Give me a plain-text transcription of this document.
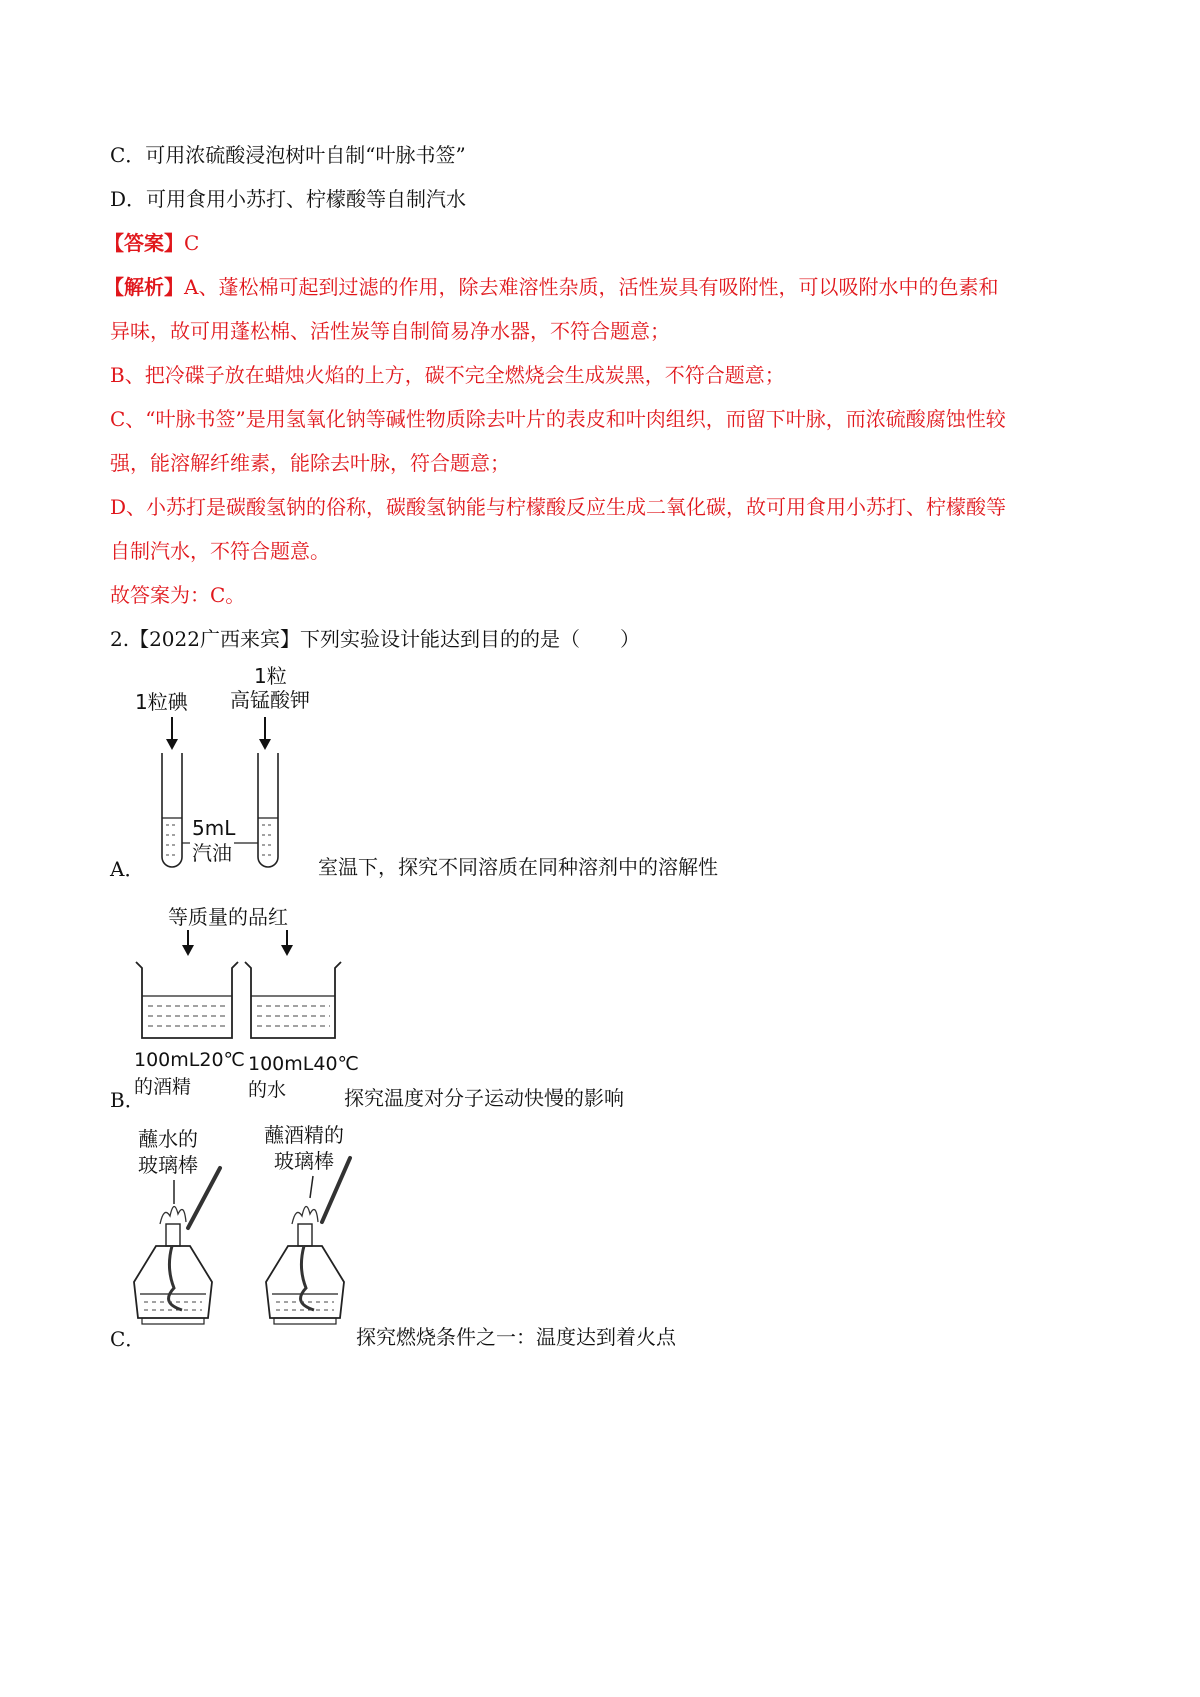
C．可用浓硫酸浸泡树叶自制“叶脉书签”
D．可用食用小苏打、柠檬酸等自制汽水
【答案】C
【解析】A、蓬松棉可起到过滤的作用，除去难溶性杂质，活性炭具有吸附性，可以吸附水中的色素和
异味，故可用蓬松棉、活性炭等自制简易净水器，不符合题意；
B、把冷碟子放在蜡烛火焰的上方，碳不完全燃烧会生成炭黑，不符合题意；
C、“叶脉书签”是用氢氧化钠等碱性物质除去叶片的表皮和叶肉组织，而留下叶脉，而浓硫酸腐蚀性较
强，能溶解纤维素，能除去叶脉，符合题意；
D、小苏打是碳酸氢钠的俗称，碳酸氢钠能与柠檬酸反应生成二氧化碳，故可用食用小苏打、柠檬酸等
自制汽水，不符合题意。
故答案为：C。
2.【2022广西来宾】下列实验设计能达到目的的是（　　）
1粒碘
1粒
高锰酸钾
5mL
汽油
A．	室温下，探究不同溶质在同种溶剂中的溶解性
等质量的品红
100mL20℃
的酒精
100mL40℃
的水
B．	探究温度对分子运动快慢的影响
蘸水的
玻璃棒
蘸酒精的
玻璃棒
C．	探究燃烧条件之一：温度达到着火点
